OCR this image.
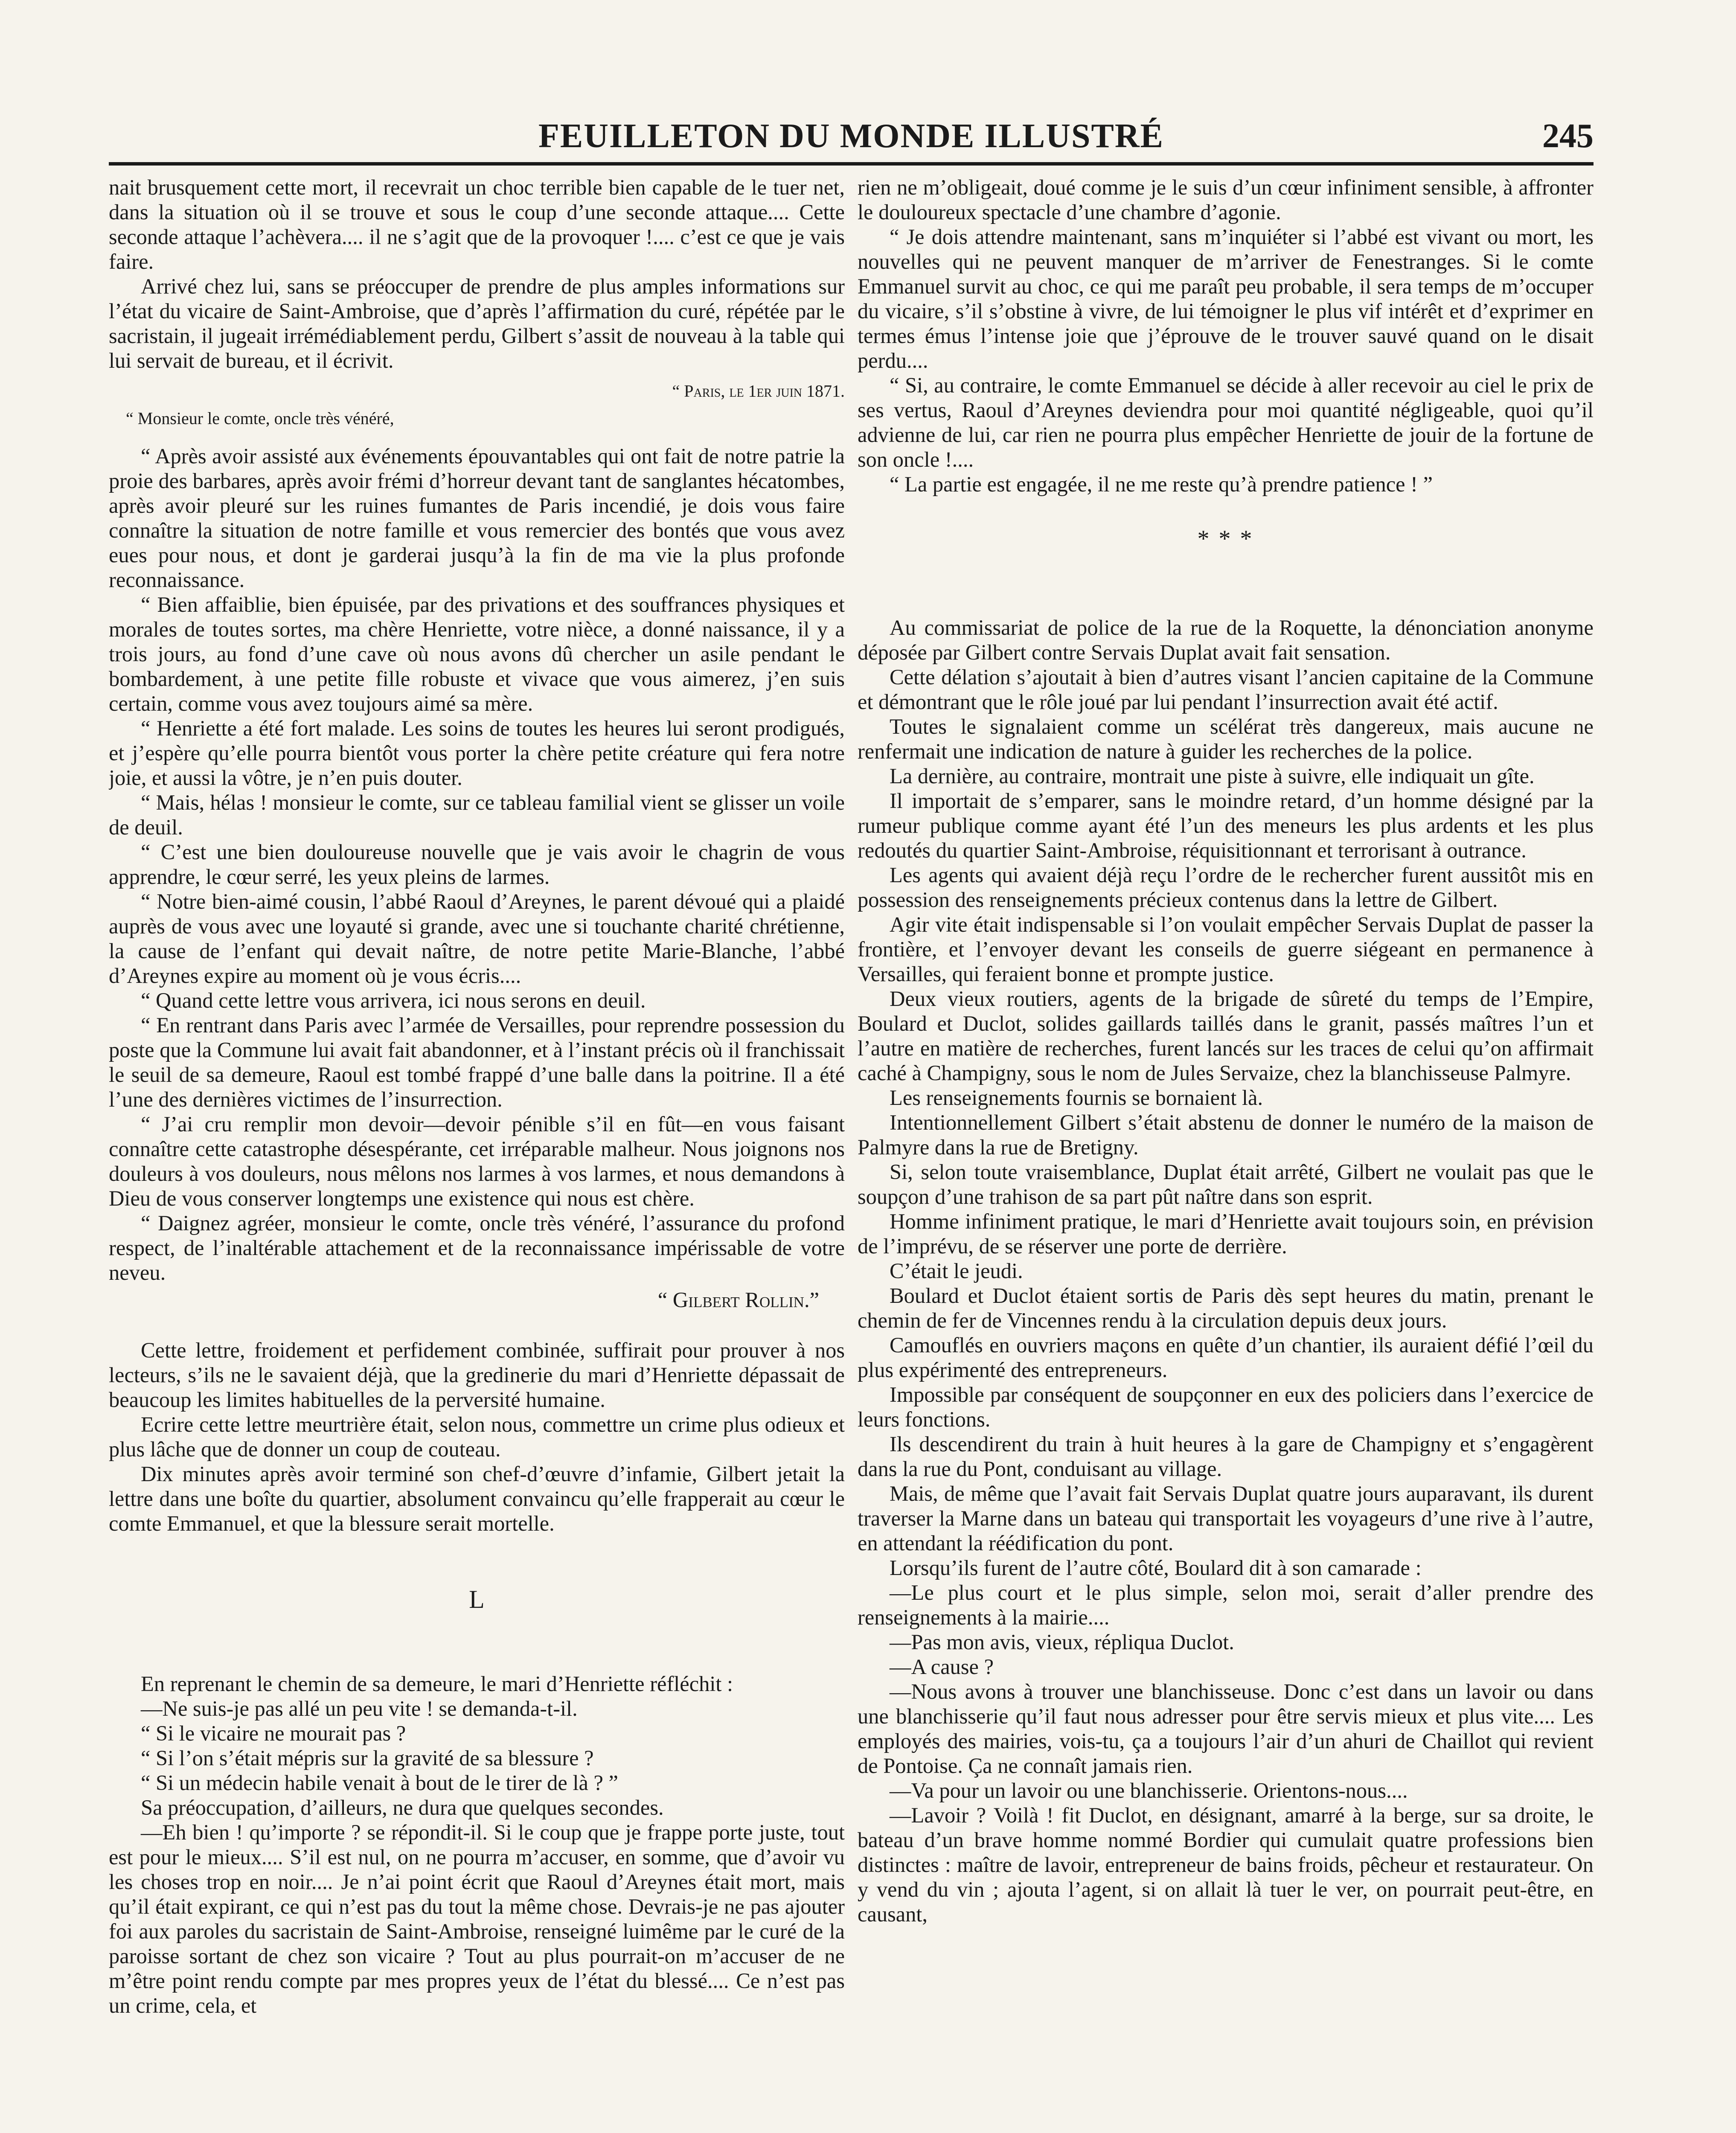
FEUILLETON DU MONDE ILLUSTRÉ	245

nait brusquement cette mort, il recevrait un choc terrible bien capable de le tuer net, dans la situation où il se trouve et sous le coup d’une seconde attaque.... Cette seconde attaque l’achèvera.... il ne s’agit que de la provoquer !.... c’est ce que je vais faire.

Arrivé chez lui, sans se préoccuper de prendre de plus amples informations sur l’état du vicaire de Saint-Ambroise, que d’après l’affirmation du curé, répétée par le sacristain, il jugeait irrémédiablement perdu, Gilbert s’assit de nouveau à la table qui lui servait de bureau, et il écrivit.

“ Paris, le 1er juin 1871.
“ Monsieur le comte, oncle très vénéré,

“ Après avoir assisté aux événements épouvantables qui ont fait de notre patrie la proie des barbares, après avoir frémi d’horreur devant tant de sanglantes hécatombes, après avoir pleuré sur les ruines fumantes de Paris incendié, je dois vous faire connaître la situation de notre famille et vous remercier des bontés que vous avez eues pour nous, et dont je garderai jusqu’à la fin de ma vie la plus profonde reconnaissance.

“ Bien affaiblie, bien épuisée, par des privations et des souffrances physiques et morales de toutes sortes, ma chère Henriette, votre nièce, a donné naissance, il y a trois jours, au fond d’une cave où nous avons dû chercher un asile pendant le bombardement, à une petite fille robuste et vivace que vous aimerez, j’en suis certain, comme vous avez toujours aimé sa mère.

“ Henriette a été fort malade. Les soins de toutes les heures lui seront prodigués, et j’espère qu’elle pourra bientôt vous porter la chère petite créature qui fera notre joie, et aussi la vôtre, je n’en puis douter.

“ Mais, hélas ! monsieur le comte, sur ce tableau familial vient se glisser un voile de deuil.

“ C’est une bien douloureuse nouvelle que je vais avoir le chagrin de vous apprendre, le cœur serré, les yeux pleins de larmes.

“ Notre bien-aimé cousin, l’abbé Raoul d’Areynes, le parent dévoué qui a plaidé auprès de vous avec une loyauté si grande, avec une si touchante charité chrétienne, la cause de l’enfant qui devait naître, de notre petite Marie-Blanche, l’abbé d’Areynes expire au moment où je vous écris....

“ Quand cette lettre vous arrivera, ici nous serons en deuil.

“ En rentrant dans Paris avec l’armée de Versailles, pour reprendre possession du poste que la Commune lui avait fait abandonner, et à l’instant précis où il franchissait le seuil de sa demeure, Raoul est tombé frappé d’une balle dans la poitrine. Il a été l’une des dernières victimes de l’insurrection.

“ J’ai cru remplir mon devoir—devoir pénible s’il en fût—en vous faisant connaître cette catastrophe désespérante, cet irréparable malheur. Nous joignons nos douleurs à vos douleurs, nous mêlons nos larmes à vos larmes, et nous demandons à Dieu de vous conserver longtemps une existence qui nous est chère.

“ Daignez agréer, monsieur le comte, oncle très vénéré, l’assurance du profond respect, de l’inaltérable attachement et de la reconnaissance impérissable de votre neveu.

“ Gilbert Rollin.”

Cette lettre, froidement et perfidement combinée, suffirait pour prouver à nos lecteurs, s’ils ne le savaient déjà, que la gredinerie du mari d’Henriette dépassait de beaucoup les limites habituelles de la perversité humaine.

Ecrire cette lettre meurtrière était, selon nous, commettre un crime plus odieux et plus lâche que de donner un coup de couteau.

Dix minutes après avoir terminé son chef-d’œuvre d’infamie, Gilbert jetait la lettre dans une boîte du quartier, absolument convaincu qu’elle frapperait au cœur le comte Emmanuel, et que la blessure serait mortelle.

L

En reprenant le chemin de sa demeure, le mari d’Henriette réfléchit :

—Ne suis-je pas allé un peu vite ! se demanda-t-il.

“ Si le vicaire ne mourait pas ?

“ Si l’on s’était mépris sur la gravité de sa blessure ?

“ Si un médecin habile venait à bout de le tirer de là ? ”

Sa préoccupation, d’ailleurs, ne dura que quelques secondes.

—Eh bien ! qu’importe ? se répondit-il. Si le coup que je frappe porte juste, tout est pour le mieux.... S’il est nul, on ne pourra m’accuser, en somme, que d’avoir vu les choses trop en noir.... Je n’ai point écrit que Raoul d’Areynes était mort, mais qu’il était expirant, ce qui n’est pas du tout la même chose. Devrais-je ne pas ajouter foi aux paroles du sacristain de Saint-Ambroise, renseigné luimême par le curé de la paroisse sortant de chez son vicaire ? Tout au plus pourrait-on m’accuser de ne m’être point rendu compte par mes propres yeux de l’état du blessé.... Ce n’est pas un crime, cela, et

rien ne m’obligeait, doué comme je le suis d’un cœur infiniment sensible, à affronter le douloureux spectacle d’une chambre d’agonie.

“ Je dois attendre maintenant, sans m’inquiéter si l’abbé est vivant ou mort, les nouvelles qui ne peuvent manquer de m’arriver de Fenestranges. Si le comte Emmanuel survit au choc, ce qui me paraît peu probable, il sera temps de m’occuper du vicaire, s’il s’obstine à vivre, de lui témoigner le plus vif intérêt et d’exprimer en termes émus l’intense joie que j’éprouve de le trouver sauvé quand on le disait perdu....

“ Si, au contraire, le comte Emmanuel se décide à aller recevoir au ciel le prix de ses vertus, Raoul d’Areynes deviendra pour moi quantité négligeable, quoi qu’il advienne de lui, car rien ne pourra plus empêcher Henriette de jouir de la fortune de son oncle !....

“ La partie est engagée, il ne me reste qu’à prendre patience ! ”

* * *

Au commissariat de police de la rue de la Roquette, la dénonciation anonyme déposée par Gilbert contre Servais Duplat avait fait sensation.

Cette délation s’ajoutait à bien d’autres visant l’ancien capitaine de la Commune et démontrant que le rôle joué par lui pendant l’insurrection avait été actif.

Toutes le signalaient comme un scélérat très dangereux, mais aucune ne renfermait une indication de nature à guider les recherches de la police.

La dernière, au contraire, montrait une piste à suivre, elle indiquait un gîte.

Il importait de s’emparer, sans le moindre retard, d’un homme désigné par la rumeur publique comme ayant été l’un des meneurs les plus ardents et les plus redoutés du quartier Saint-Ambroise, réquisitionnant et terrorisant à outrance.

Les agents qui avaient déjà reçu l’ordre de le rechercher furent aussitôt mis en possession des renseignements précieux contenus dans la lettre de Gilbert.

Agir vite était indispensable si l’on voulait empêcher Servais Duplat de passer la frontière, et l’envoyer devant les conseils de guerre siégeant en permanence à Versailles, qui feraient bonne et prompte justice.

Deux vieux routiers, agents de la brigade de sûreté du temps de l’Empire, Boulard et Duclot, solides gaillards taillés dans le granit, passés maîtres l’un et l’autre en matière de recherches, furent lancés sur les traces de celui qu’on affirmait caché à Champigny, sous le nom de Jules Servaize, chez la blanchisseuse Palmyre.

Les renseignements fournis se bornaient là.

Intentionnellement Gilbert s’était abstenu de donner le numéro de la maison de Palmyre dans la rue de Bretigny.

Si, selon toute vraisemblance, Duplat était arrêté, Gilbert ne voulait pas que le soupçon d’une trahison de sa part pût naître dans son esprit.

Homme infiniment pratique, le mari d’Henriette avait toujours soin, en prévision de l’imprévu, de se réserver une porte de derrière.

C’était le jeudi.

Boulard et Duclot étaient sortis de Paris dès sept heures du matin, prenant le chemin de fer de Vincennes rendu à la circulation depuis deux jours.

Camouflés en ouvriers maçons en quête d’un chantier, ils auraient défié l’œil du plus expérimenté des entrepreneurs.

Impossible par conséquent de soupçonner en eux des policiers dans l’exercice de leurs fonctions.

Ils descendirent du train à huit heures à la gare de Champigny et s’engagèrent dans la rue du Pont, conduisant au village.

Mais, de même que l’avait fait Servais Duplat quatre jours auparavant, ils durent traverser la Marne dans un bateau qui transportait les voyageurs d’une rive à l’autre, en attendant la réédification du pont.

Lorsqu’ils furent de l’autre côté, Boulard dit à son camarade :

—Le plus court et le plus simple, selon moi, serait d’aller prendre des renseignements à la mairie....

—Pas mon avis, vieux, répliqua Duclot.

—A cause ?

—Nous avons à trouver une blanchisseuse. Donc c’est dans un lavoir ou dans une blanchisserie qu’il faut nous adresser pour être servis mieux et plus vite.... Les employés des mairies, vois-tu, ça a toujours l’air d’un ahuri de Chaillot qui revient de Pontoise. Ça ne connaît jamais rien.

—Va pour un lavoir ou une blanchisserie. Orientons-nous....

—Lavoir ? Voilà ! fit Duclot, en désignant, amarré à la berge, sur sa droite, le bateau d’un brave homme nommé Bordier qui cumulait quatre professions bien distinctes : maître de lavoir, entrepreneur de bains froids, pêcheur et restaurateur. On y vend du vin ; ajouta l’agent, si on allait là tuer le ver, on pourrait peut-être, en causant,
